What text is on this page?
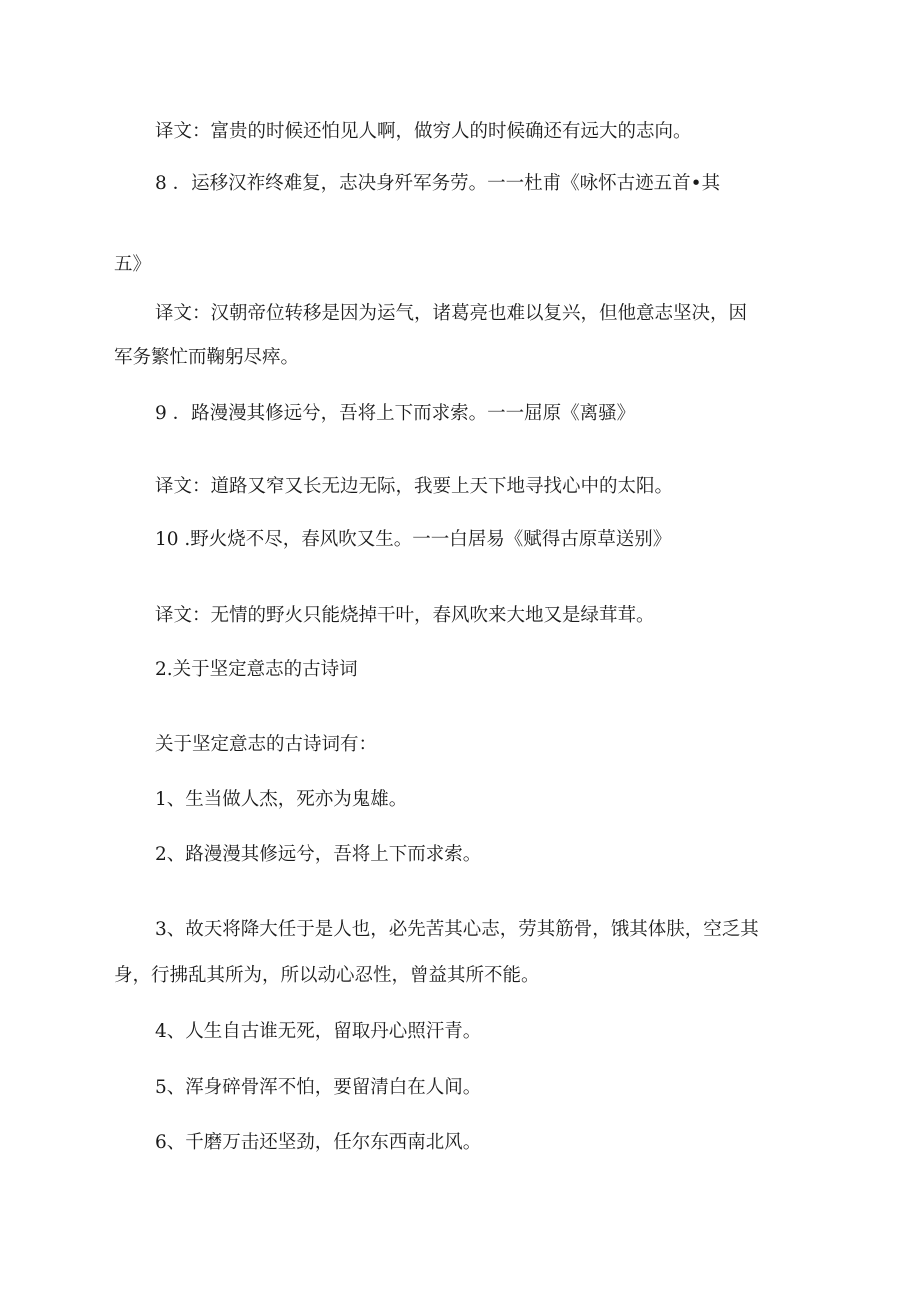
译文：富贵的时候还怕见人啊，做穷人的时候确还有远大的志向。

8 ．运移汉祚终难复，志决身歼军务劳。一一杜甫《咏怀古迹五首•其

五》

译文：汉朝帝位转移是因为运气，诸葛亮也难以复兴，但他意志坚决，因

军务繁忙而鞠躬尽瘁。

9 ．路漫漫其修远兮，吾将上下而求索。一一屈原《离骚》

译文：道路又窄又长无边无际，我要上天下地寻找心中的太阳。

10 .野火烧不尽，春风吹又生。一一白居易《赋得古原草送别》

译文：无情的野火只能烧掉干叶，春风吹来大地又是绿茸茸。

2.关于坚定意志的古诗词

关于坚定意志的古诗词有：

1、生当做人杰，死亦为鬼雄。

2、路漫漫其修远兮，吾将上下而求索。

3、故天将降大任于是人也，必先苦其心志，劳其筋骨，饿其体肤，空乏其

身，行拂乱其所为，所以动心忍性，曾益其所不能。

4、人生自古谁无死，留取丹心照汗青。

5、浑身碎骨浑不怕，要留清白在人间。

6、千磨万击还坚劲，任尔东西南北风。
